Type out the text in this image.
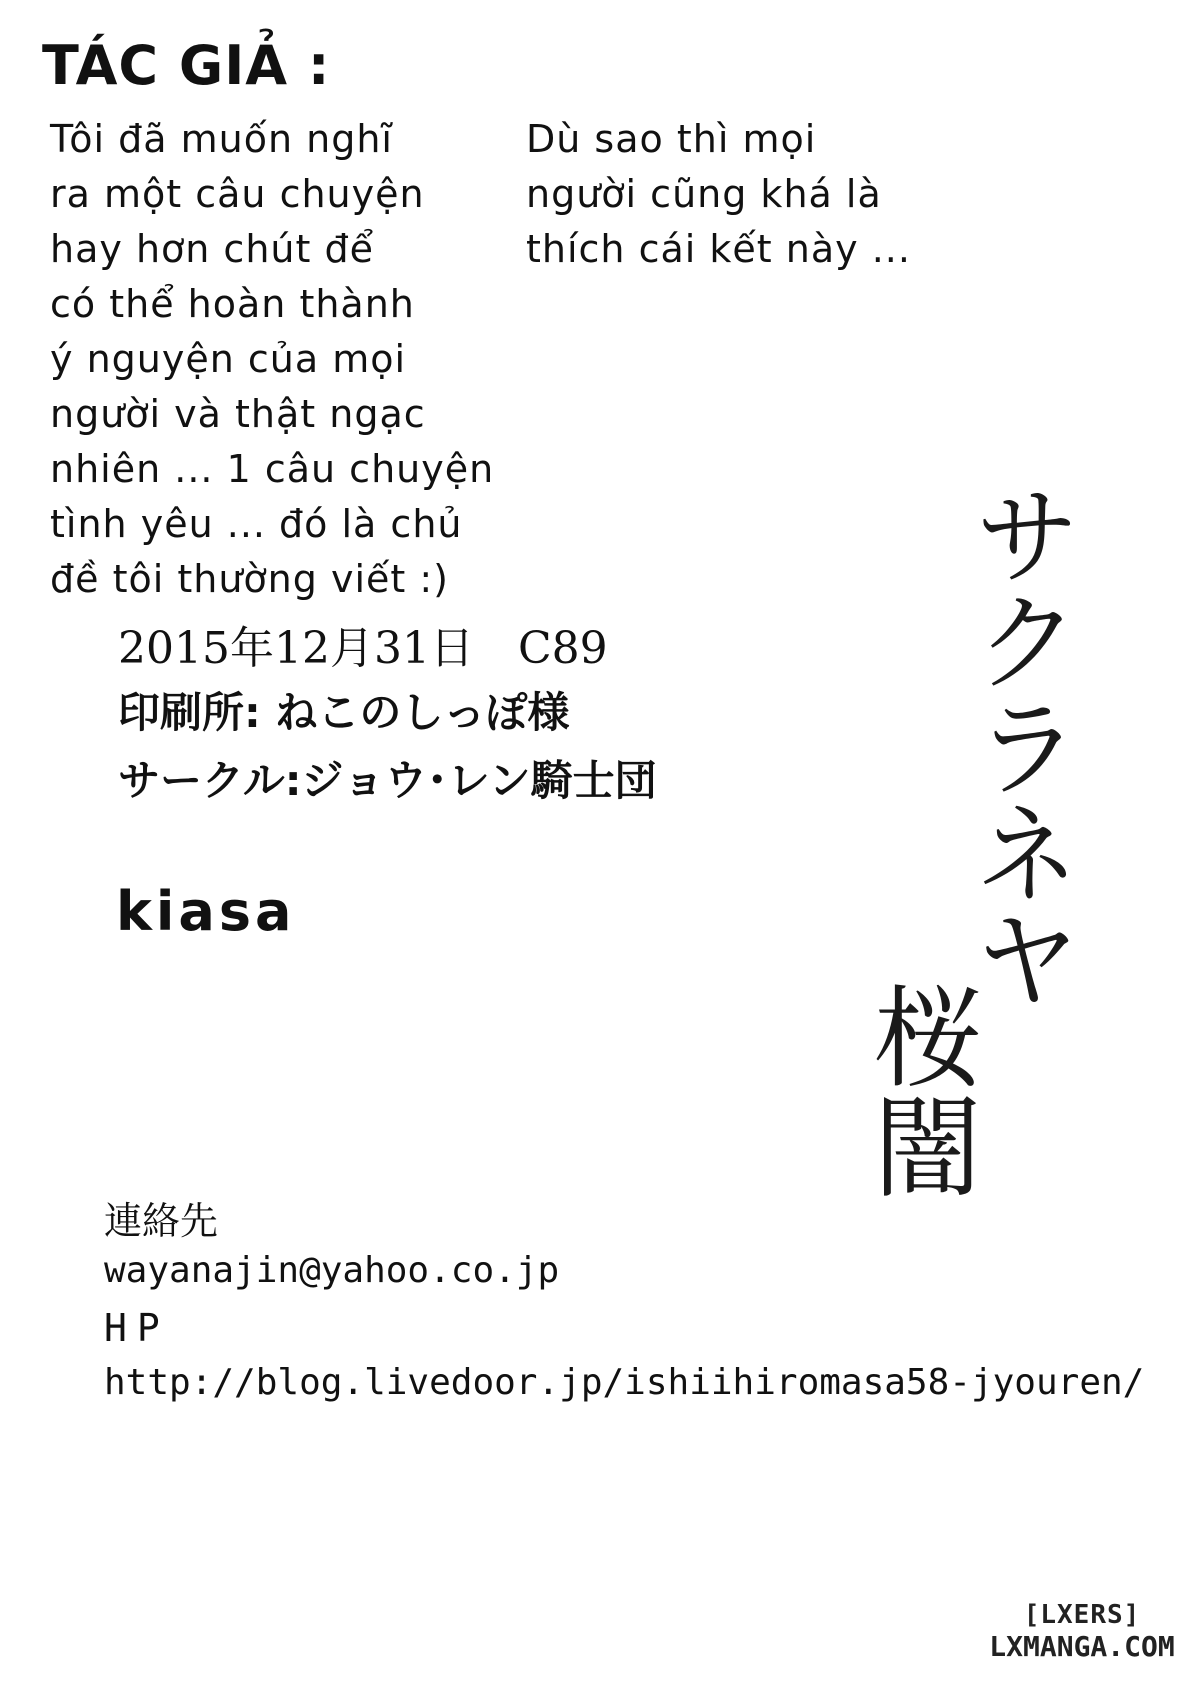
TÁC GIẢ :
Tôi đã muốn nghĩ
ra một câu chuyện
hay hơn chút để
có thể hoàn thành
ý nguyện của mọi
người và thật ngạc
nhiên ... 1 câu chuyện
tình yêu ... đó là chủ
đề tôi thường viết :)
Dù sao thì mọi
người cũng khá là
thích cái kết này ...
2015年12月31日　C89
印刷所: ねこのしっぽ様
サークル:ジョウ･レン騎士団
kiasa	サクラネヤ
桜闇
連絡先
wayanajin@yahoo.co.jp
HP
http://blog.livedoor.jp/ishiihiromasa58-jyouren/
[LXERS]
LXMANGA.COM
